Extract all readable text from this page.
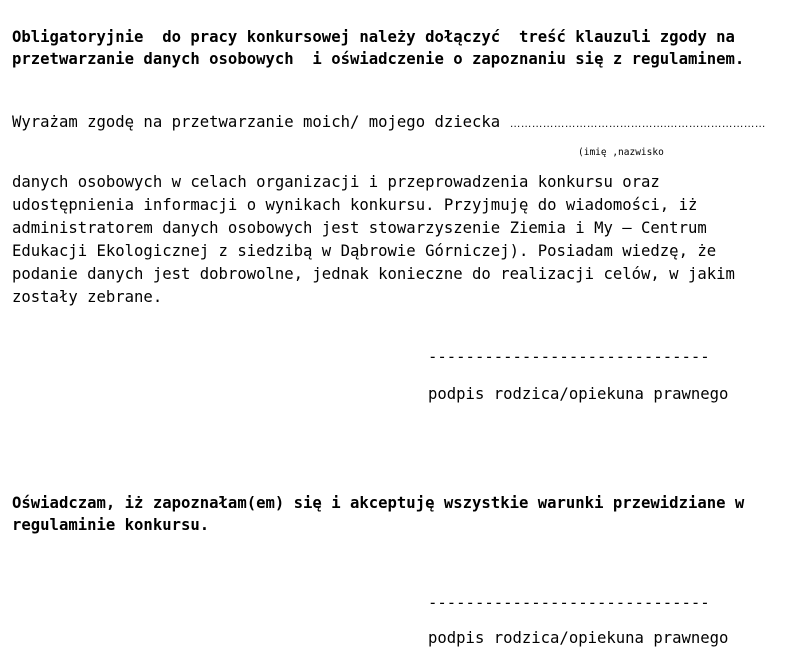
Obligatoryjnie  do pracy konkursowej należy dołączyć  treść klauzuli zgody na przetwarzanie danych osobowych  i oświadczenie o zapoznaniu się z regulaminem.

Wyrażam zgodę na przetwarzanie moich/ mojego dziecka …………………………………….………………………
(imię ,nazwisko

danych osobowych w celach organizacji i przeprowadzenia konkursu oraz udostępnienia informacji o wynikach konkursu. Przyjmuję do wiadomości, iż administratorem danych osobowych jest stowarzyszenie Ziemia i My – Centrum Edukacji Ekologicznej z siedzibą w Dąbrowie Górniczej). Posiadam wiedzę, że podanie danych jest dobrowolne, jednak konieczne do realizacji celów, w jakim zostały zebrane.

------------------------------
podpis rodzica/opiekuna prawnego

Oświadczam, iż zapoznałam(em) się i akceptuję wszystkie warunki przewidziane w regulaminie konkursu.

------------------------------
podpis rodzica/opiekuna prawnego
